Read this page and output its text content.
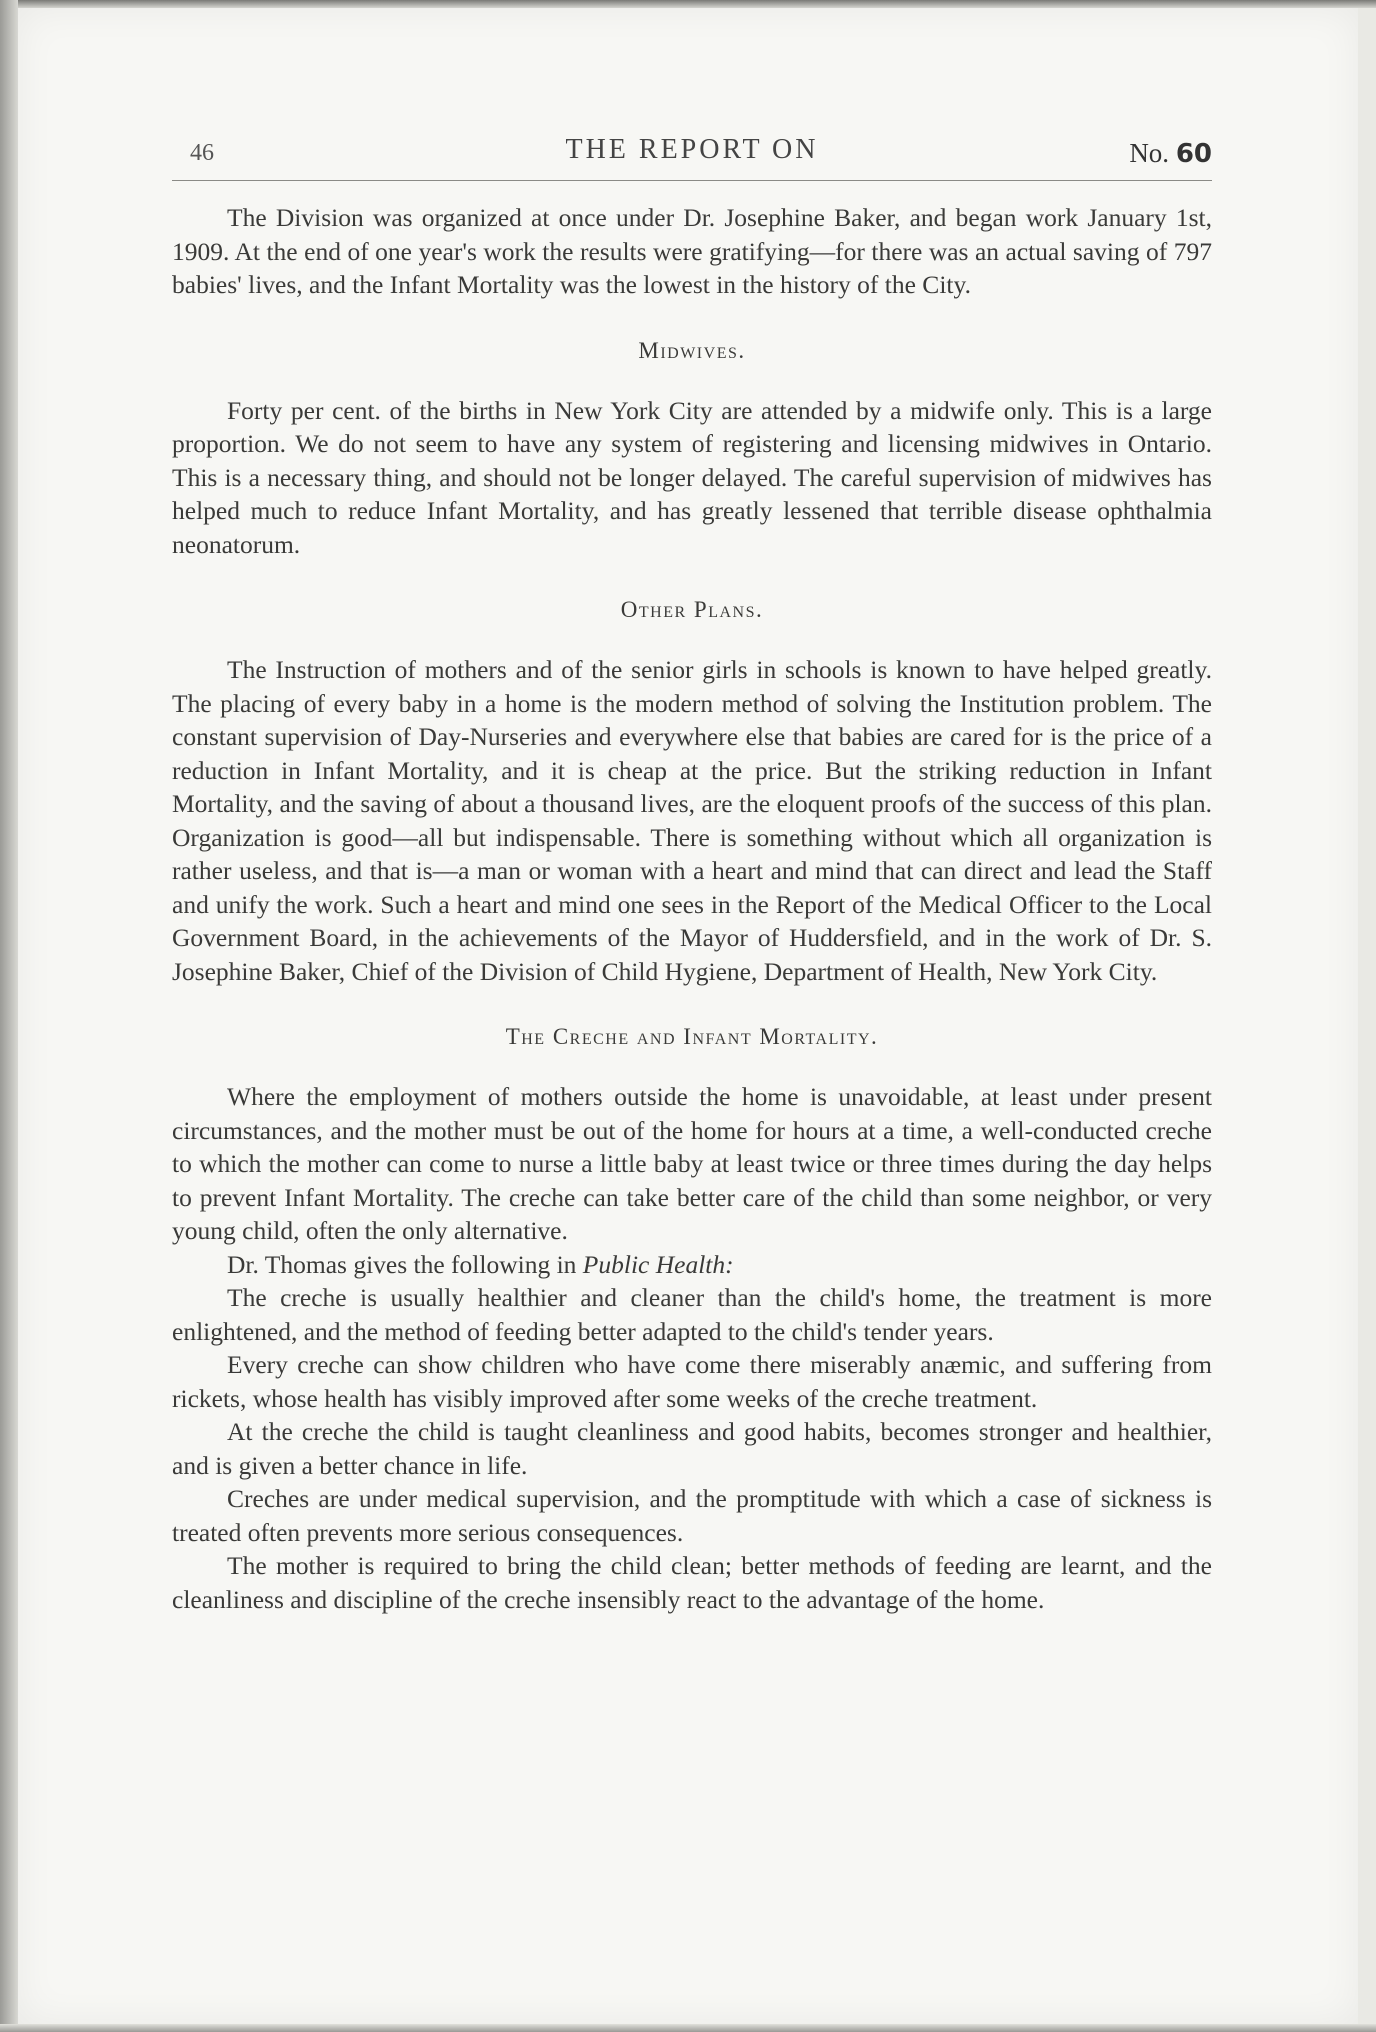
46	THE REPORT ON	No. 60

The Division was organized at once under Dr. Josephine Baker, and began work January 1st, 1909. At the end of one year's work the results were gratifying—for there was an actual saving of 797 babies' lives, and the Infant Mortality was the lowest in the history of the City.

Midwives.

Forty per cent. of the births in New York City are attended by a midwife only. This is a large proportion. We do not seem to have any system of registering and licensing midwives in Ontario. This is a necessary thing, and should not be longer delayed. The careful supervision of midwives has helped much to reduce Infant Mortality, and has greatly lessened that terrible disease ophthalmia neonatorum.

Other Plans.

The Instruction of mothers and of the senior girls in schools is known to have helped greatly. The placing of every baby in a home is the modern method of solving the Institution problem. The constant supervision of Day-Nurseries and everywhere else that babies are cared for is the price of a reduction in Infant Mortality, and it is cheap at the price. But the striking reduction in Infant Mortality, and the saving of about a thousand lives, are the eloquent proofs of the success of this plan. Organization is good—all but indispensable. There is something without which all organization is rather useless, and that is—a man or woman with a heart and mind that can direct and lead the Staff and unify the work. Such a heart and mind one sees in the Report of the Medical Officer to the Local Government Board, in the achievements of the Mayor of Huddersfield, and in the work of Dr. S. Josephine Baker, Chief of the Division of Child Hygiene, Department of Health, New York City.

The Creche and Infant Mortality.

Where the employment of mothers outside the home is unavoidable, at least under present circumstances, and the mother must be out of the home for hours at a time, a well-conducted creche to which the mother can come to nurse a little baby at least twice or three times during the day helps to prevent Infant Mortality. The creche can take better care of the child than some neighbor, or very young child, often the only alternative.

Dr. Thomas gives the following in Public Health:

The creche is usually healthier and cleaner than the child's home, the treatment is more enlightened, and the method of feeding better adapted to the child's tender years.

Every creche can show children who have come there miserably anæmic, and suffering from rickets, whose health has visibly improved after some weeks of the creche treatment.

At the creche the child is taught cleanliness and good habits, becomes stronger and healthier, and is given a better chance in life.

Creches are under medical supervision, and the promptitude with which a case of sickness is treated often prevents more serious consequences.

The mother is required to bring the child clean; better methods of feeding are learnt, and the cleanliness and discipline of the creche insensibly react to the advantage of the home.
